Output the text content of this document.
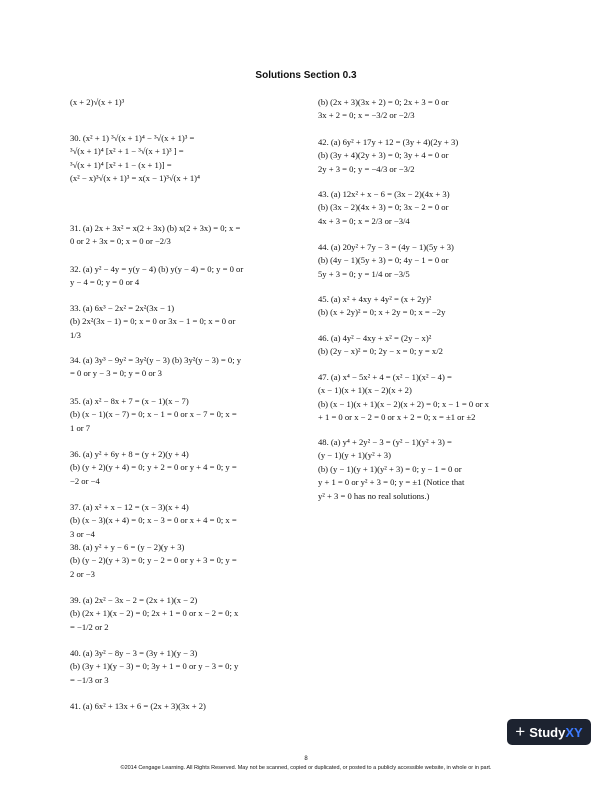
Solutions Section 0.3
(x + 2)√(x + 1)³
30. (x² + 1) ³√(x + 1)⁴ − ³√(x + 1)³ =
³√(x + 1)⁴ [x² + 1 − ³√(x + 1)³ ] =
³√(x + 1)⁴ [x² + 1 − (x + 1)] =
(x² − x)³√(x + 1)³ = x(x − 1)³√(x + 1)⁴
31. (a) 2x + 3x² = x(2 + 3x) (b) x(2 + 3x) = 0; x =
0 or 2 + 3x = 0; x = 0 or −2/3
32. (a) y² − 4y = y(y − 4) (b) y(y − 4) = 0; y = 0 or
y − 4 = 0; y = 0 or 4
33. (a) 6x³ − 2x² = 2x²(3x − 1)
(b) 2x²(3x − 1) = 0; x = 0 or 3x − 1 = 0; x = 0 or
1/3
34. (a) 3y³ − 9y² = 3y²(y − 3) (b) 3y²(y − 3) = 0; y
= 0 or y − 3 = 0; y = 0 or 3
35. (a) x² − 8x + 7 = (x − 1)(x − 7)
(b) (x − 1)(x − 7) = 0; x − 1 = 0 or x − 7 = 0; x =
1 or 7
36. (a) y² + 6y + 8 = (y + 2)(y + 4)
(b) (y + 2)(y + 4) = 0; y + 2 = 0 or y + 4 = 0; y =
−2 or −4
37. (a) x² + x − 12 = (x − 3)(x + 4)
(b) (x − 3)(x + 4) = 0; x − 3 = 0 or x + 4 = 0; x =
3 or −4
38. (a) y² + y − 6 = (y − 2)(y + 3)
(b) (y − 2)(y + 3) = 0; y − 2 = 0 or y + 3 = 0; y =
2 or −3
39. (a) 2x² − 3x − 2 = (2x + 1)(x − 2)
(b) (2x + 1)(x − 2) = 0; 2x + 1 = 0 or x − 2 = 0; x
= −1/2 or 2
40. (a) 3y² − 8y − 3 = (3y + 1)(y − 3)
(b) (3y + 1)(y − 3) = 0; 3y + 1 = 0 or y − 3 = 0; y
= −1/3 or 3
41. (a) 6x² + 13x + 6 = (2x + 3)(3x + 2)
(b) (2x + 3)(3x + 2) = 0; 2x + 3 = 0 or
3x + 2 = 0; x = −3/2 or −2/3
42. (a) 6y² + 17y + 12 = (3y + 4)(2y + 3)
(b) (3y + 4)(2y + 3) = 0; 3y + 4 = 0 or
2y + 3 = 0; y = −4/3 or −3/2
43. (a) 12x² + x − 6 = (3x − 2)(4x + 3)
(b) (3x − 2)(4x + 3) = 0; 3x − 2 = 0 or
4x + 3 = 0; x = 2/3 or −3/4
44. (a) 20y² + 7y − 3 = (4y − 1)(5y + 3)
(b) (4y − 1)(5y + 3) = 0; 4y − 1 = 0 or
5y + 3 = 0; y = 1/4 or −3/5
45. (a) x² + 4xy + 4y² = (x + 2y)²
(b) (x + 2y)² = 0; x + 2y = 0; x = −2y
46. (a) 4y² − 4xy + x² = (2y − x)²
(b) (2y − x)² = 0; 2y − x = 0; y = x/2
47. (a) x⁴ − 5x² + 4 = (x² − 1)(x² − 4) =
(x − 1)(x + 1)(x − 2)(x + 2)
(b) (x − 1)(x + 1)(x − 2)(x + 2) = 0; x − 1 = 0 or x
+ 1 = 0 or x − 2 = 0 or x + 2 = 0; x = ±1 or ±2
48. (a) y⁴ + 2y² − 3 = (y² − 1)(y² + 3) =
(y − 1)(y + 1)(y² + 3)
(b) (y − 1)(y + 1)(y² + 3) = 0; y − 1 = 0 or
y + 1 = 0 or y² + 3 = 0; y = ±1 (Notice that
y² + 3 = 0 has no real solutions.)
+ StudyXY
8
©2014 Cengage Learning. All Rights Reserved. May not be scanned, copied or duplicated, or posted to a publicly accessible website, in whole or in part.
